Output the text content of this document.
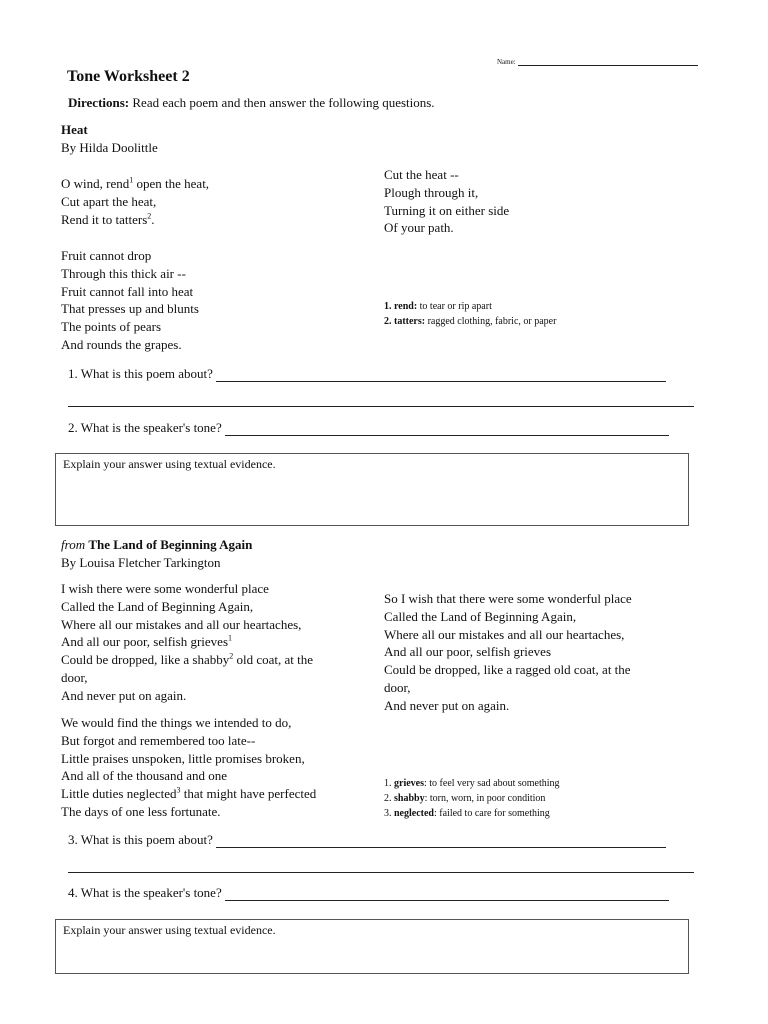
Name:
Tone Worksheet 2
Directions: Read each poem and then answer the following questions.
Heat
By Hilda Doolittle
O wind, rend$^1$ open the heat,
Cut apart the heat,
Rend it to tatters$^2$.
Fruit cannot drop
Through this thick air --
Fruit cannot fall into heat
That presses up and blunts
The points of pears
And rounds the grapes.
Cut the heat --
Plough through it,
Turning it on either side
Of your path.
1. rend: to tear or rip apart
2. tatters: ragged clothing, fabric, or paper
1. What is this poem about?
2. What is the speaker's tone?
Explain your answer using textual evidence.
from The Land of Beginning Again
By Louisa Fletcher Tarkington
I wish there were some wonderful place
Called the Land of Beginning Again,
Where all our mistakes and all our heartaches,
And all our poor, selfish grieves$^1$
Could be dropped, like a shabby$^2$ old coat, at the
door,
And never put on again.
We would find the things we intended to do,
But forgot and remembered too late--
Little praises unspoken, little promises broken,
And all of the thousand and one
Little duties neglected$^3$ that might have perfected
The days of one less fortunate.
So I wish that there were some wonderful place
Called the Land of Beginning Again,
Where all our mistakes and all our heartaches,
And all our poor, selfish grieves
Could be dropped, like a ragged old coat, at the
door,
And never put on again.
1. grieves: to feel very sad about something
2. shabby: torn, worn, in poor condition
3. neglected: failed to care for something
3. What is this poem about?
4. What is the speaker's tone?
Explain your answer using textual evidence.
